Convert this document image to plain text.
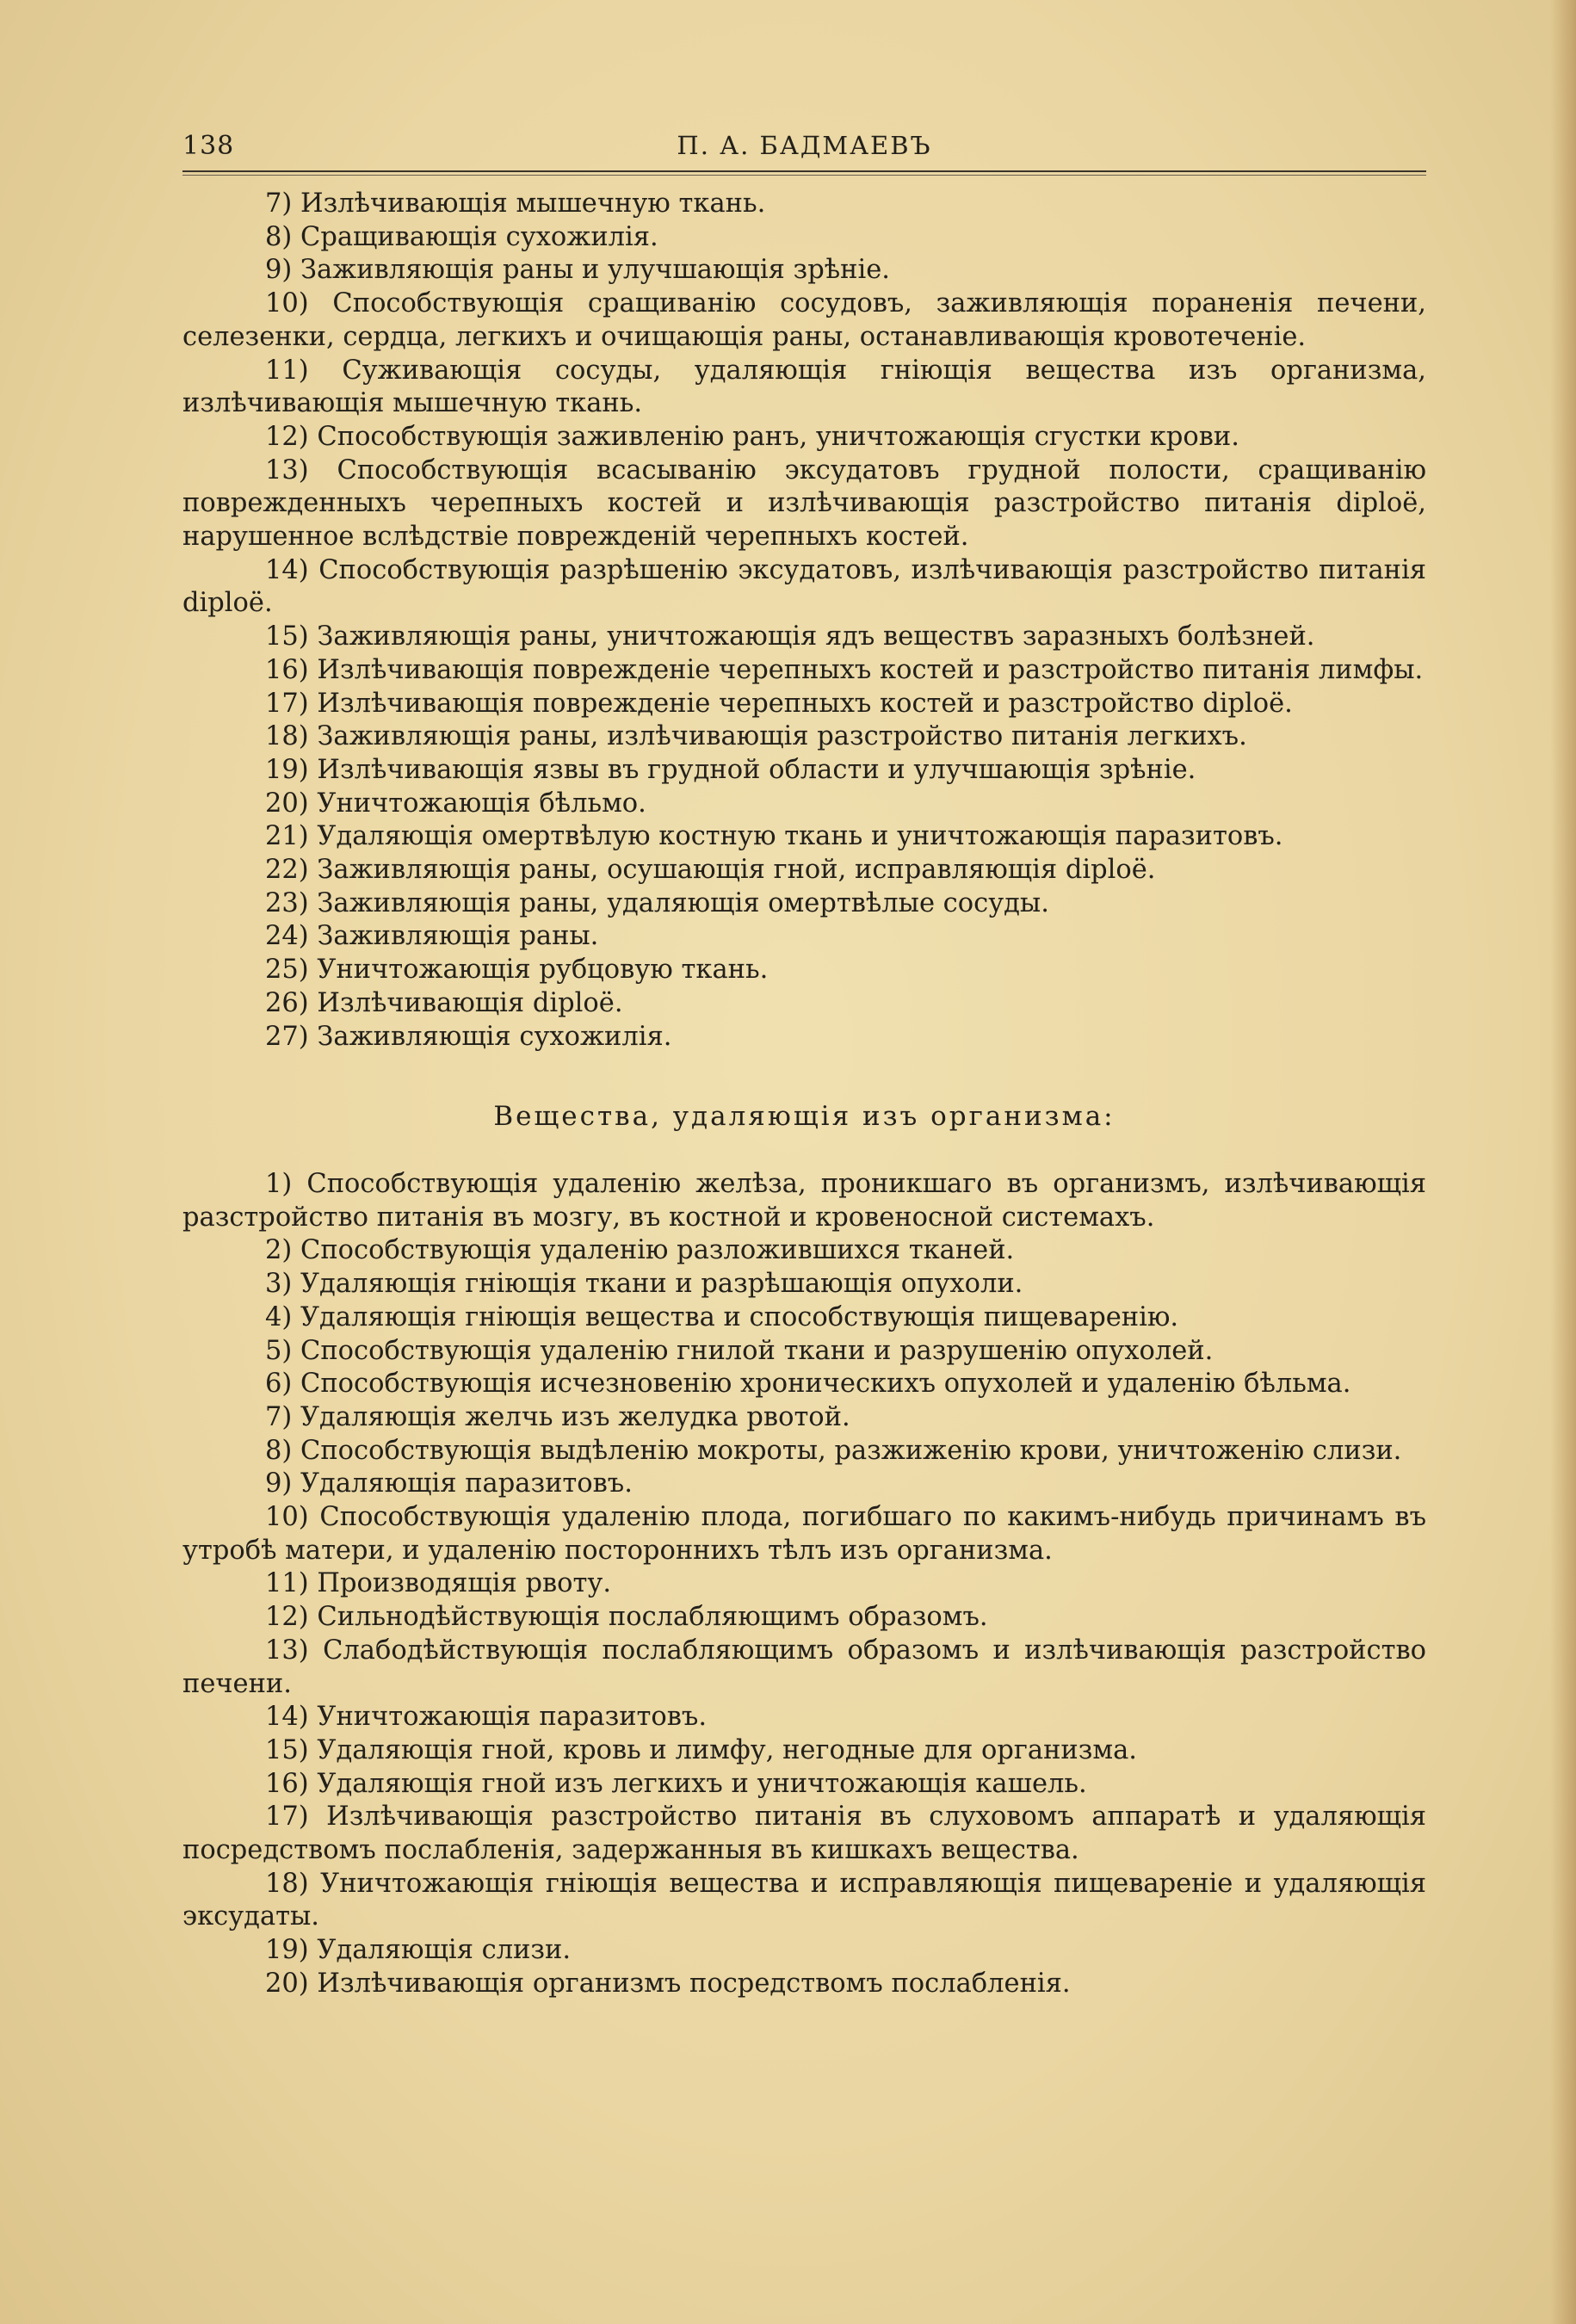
138	П. А. БАДМАЕВЪ

7) Излѣчивающія мышечную ткань.

8) Сращивающія сухожилія.

9) Заживляющія раны и улучшающія зрѣніе.

10) Способствующія сращиванію сосудовъ, заживляющія пораненія печени, селезенки, сердца, легкихъ и очищающія раны, останавливающія кровотеченіе.

11) Суживающія сосуды, удаляющія гніющія вещества изъ организма, излѣчивающія мышечную ткань.

12) Способствующія заживленію ранъ, уничтожающія сгустки крови.

13) Способствующія всасыванію эксудатовъ грудной полости, сращиванію поврежденныхъ черепныхъ костей и излѣчивающія разстройство питанія diploë, нарушенное вслѣдствіе поврежденій черепныхъ костей.

14) Способствующія разрѣшенію эксудатовъ, излѣчивающія разстройство питанія diploë.

15) Заживляющія раны, уничтожающія ядъ веществъ заразныхъ болѣзней.

16) Излѣчивающія поврежденіе черепныхъ костей и разстройство питанія лимфы.

17) Излѣчивающія поврежденіе черепныхъ костей и разстройство diploë.

18) Заживляющія раны, излѣчивающія разстройство питанія легкихъ.

19) Излѣчивающія язвы въ грудной области и улучшающія зрѣніе.

20) Уничтожающія бѣльмо.

21) Удаляющія омертвѣлую костную ткань и уничтожающія паразитовъ.

22) Заживляющія раны, осушающія гной, исправляющія diploë.

23) Заживляющія раны, удаляющія омертвѣлые сосуды.

24) Заживляющія раны.

25) Уничтожающія рубцовую ткань.

26) Излѣчивающія diploë.

27) Заживляющія сухожилія.

Вещества, удаляющія изъ организма:

1) Способствующія удаленію желѣза, проникшаго въ организмъ, излѣчивающія разстройство питанія въ мозгу, въ костной и кровеносной системахъ.

2) Способствующія удаленію разложившихся тканей.

3) Удаляющія гніющія ткани и разрѣшающія опухоли.

4) Удаляющія гніющія вещества и способствующія пищеваренію.

5) Способствующія удаленію гнилой ткани и разрушенію опухолей.

6) Способствующія исчезновенію хроническихъ опухолей и удаленію бѣльма.

7) Удаляющія желчь изъ желудка рвотой.

8) Способствующія выдѣленію мокроты, разжиженію крови, уничтоженію слизи.

9) Удаляющія паразитовъ.

10) Способствующія удаленію плода, погибшаго по какимъ-нибудь причинамъ въ утробѣ матери, и удаленію постороннихъ тѣлъ изъ организма.

11) Производящія рвоту.

12) Сильнодѣйствующія послабляющимъ образомъ.

13) Слабодѣйствующія послабляющимъ образомъ и излѣчивающія разстройство печени.

14) Уничтожающія паразитовъ.

15) Удаляющія гной, кровь и лимфу, негодные для организма.

16) Удаляющія гной изъ легкихъ и уничтожающія кашель.

17) Излѣчивающія разстройство питанія въ слуховомъ аппаратѣ и удаляющія посредствомъ послабленія, задержанныя въ кишкахъ вещества.

18) Уничтожающія гніющія вещества и исправляющія пищевареніе и удаляющія эксудаты.

19) Удаляющія слизи.

20) Излѣчивающія организмъ посредствомъ послабленія.
